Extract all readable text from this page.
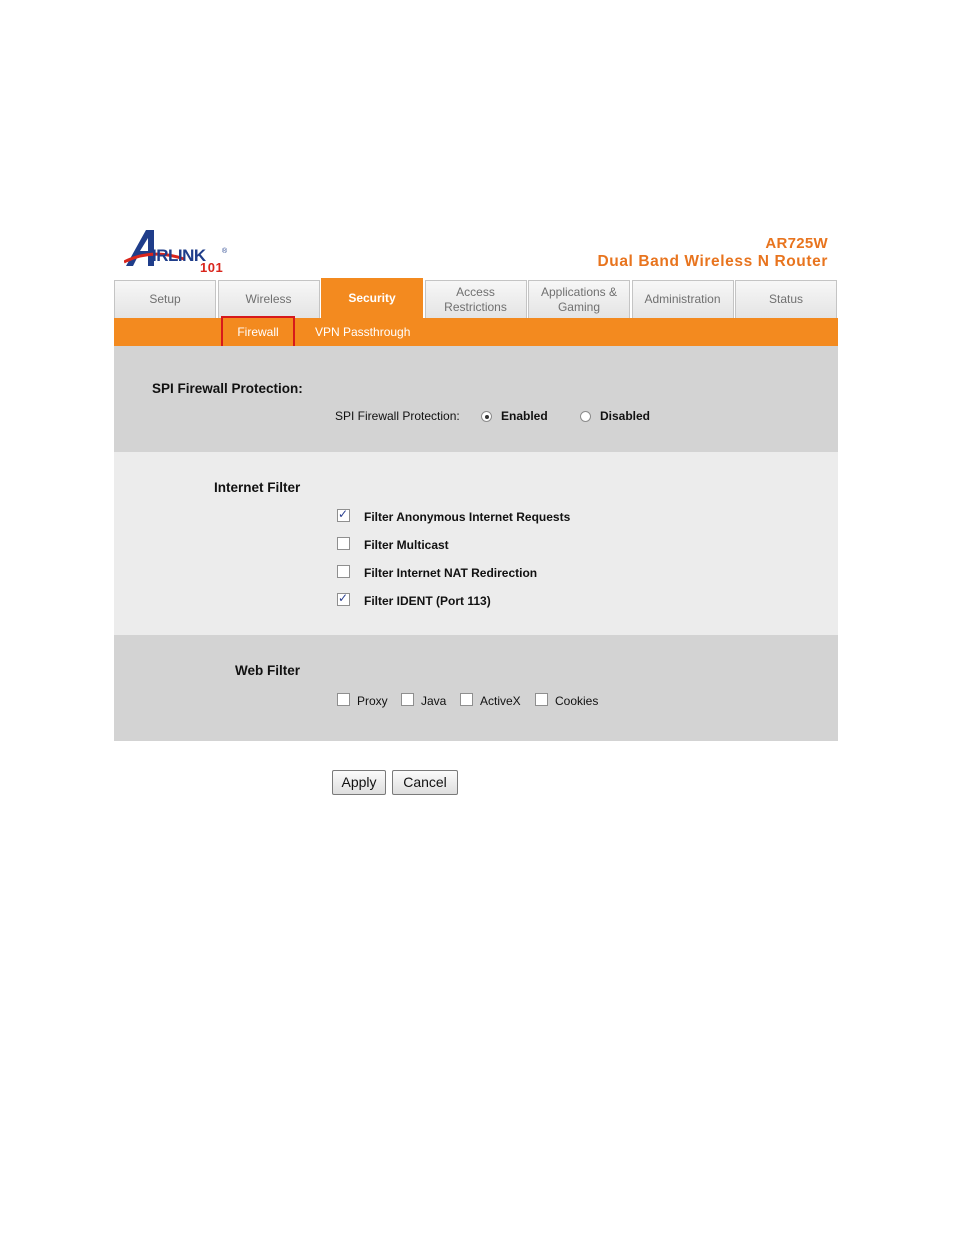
IRLINK ®
101
AR725W
Dual Band Wireless N Router
Setup	Wireless	Security	Access
Restrictions
Applications &
Gaming
Administration	Status
Firewall	VPN Passthrough
SPI Firewall Protection:
SPI Firewall Protection:	Enabled	Disabled
Internet Filter
✓ Filter Anonymous Internet Requests
Filter Multicast
Filter Internet NAT Redirection
✓ Filter IDENT (Port 113)
Web Filter
Proxy	Java	ActiveX	Cookies
Apply	Cancel
